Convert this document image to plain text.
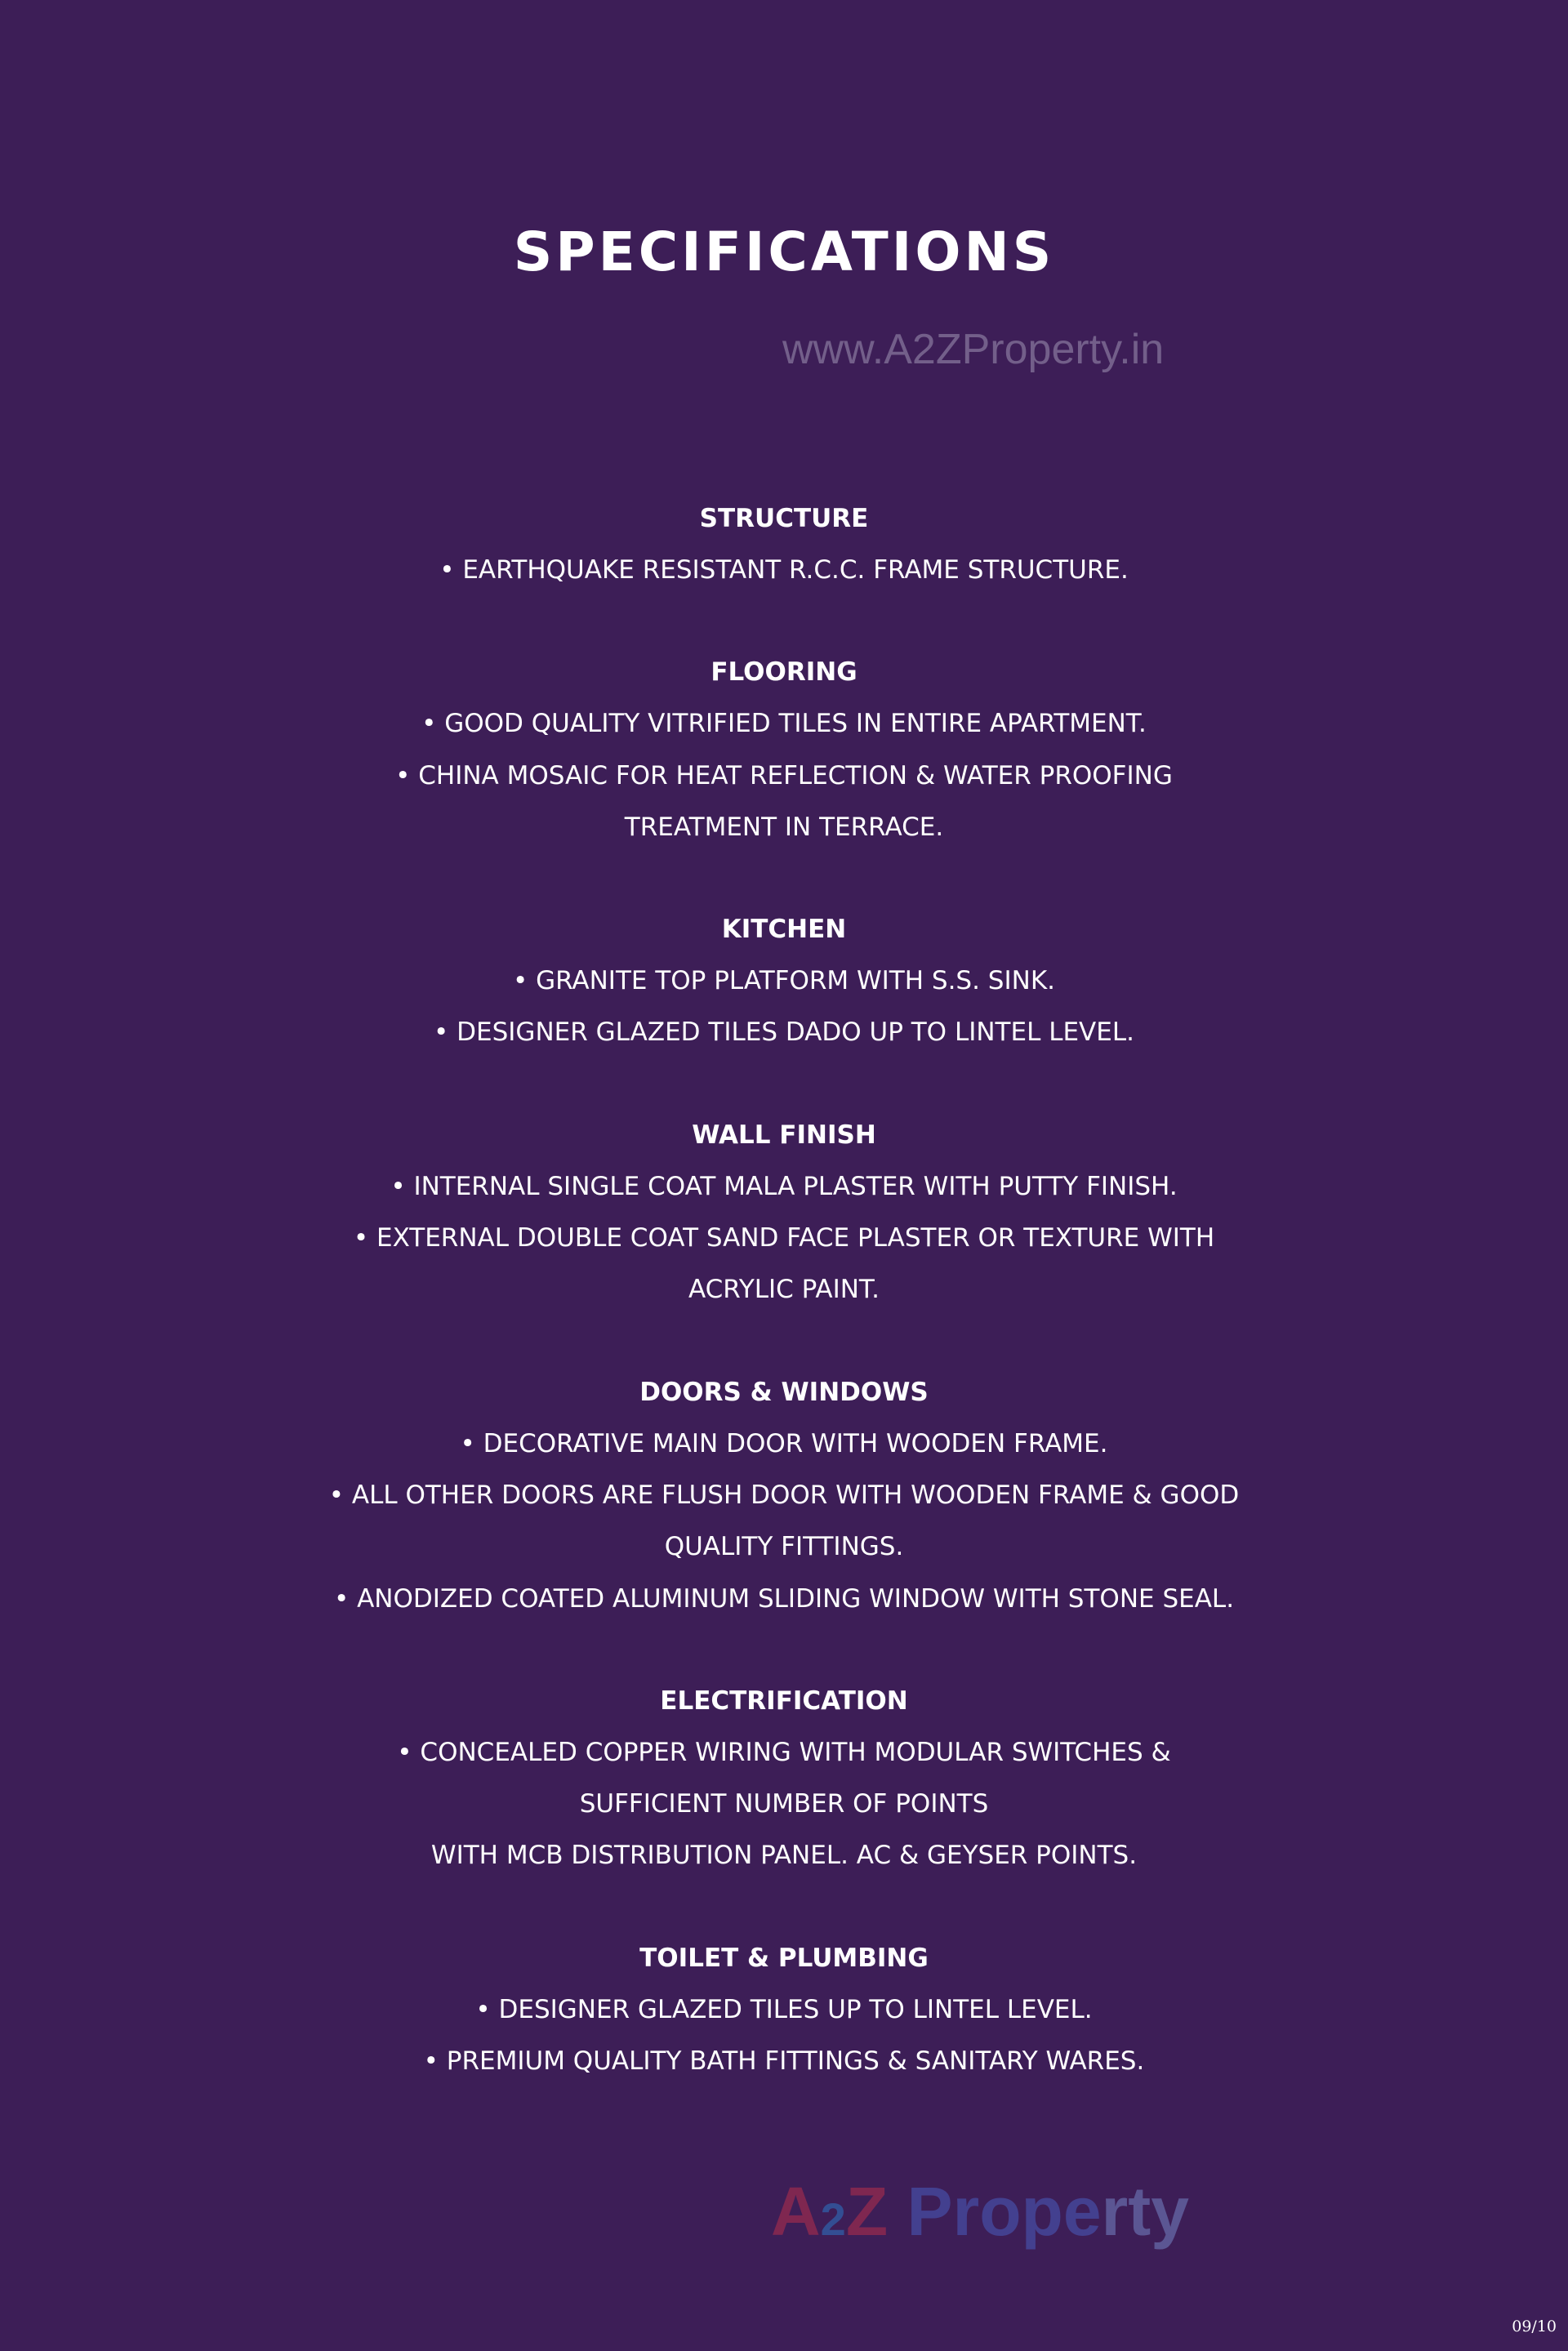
SPECIFICATIONS
www.A2ZProperty.in

STRUCTURE

• EARTHQUAKE RESISTANT R.C.C. FRAME STRUCTURE.

FLOORING

• GOOD QUALITY VITRIFIED TILES IN ENTIRE APARTMENT.

• CHINA MOSAIC FOR HEAT REFLECTION & WATER PROOFING

TREATMENT IN TERRACE.

KITCHEN

• GRANITE TOP PLATFORM WITH S.S. SINK.

• DESIGNER GLAZED TILES DADO UP TO LINTEL LEVEL.

WALL FINISH

• INTERNAL SINGLE COAT MALA PLASTER WITH PUTTY FINISH.

• EXTERNAL DOUBLE COAT SAND FACE PLASTER OR TEXTURE WITH

ACRYLIC PAINT.

DOORS & WINDOWS

• DECORATIVE MAIN DOOR WITH WOODEN FRAME.

• ALL OTHER DOORS ARE FLUSH DOOR WITH WOODEN FRAME & GOOD

QUALITY FITTINGS.

• ANODIZED COATED ALUMINUM SLIDING WINDOW WITH STONE SEAL.

ELECTRIFICATION

• CONCEALED COPPER WIRING WITH MODULAR SWITCHES &

SUFFICIENT NUMBER OF POINTS

WITH MCB DISTRIBUTION PANEL. AC & GEYSER POINTS.

TOILET & PLUMBING

• DESIGNER GLAZED TILES UP TO LINTEL LEVEL.

• PREMIUM QUALITY BATH FITTINGS & SANITARY WARES.

A2Z Property
09/10
